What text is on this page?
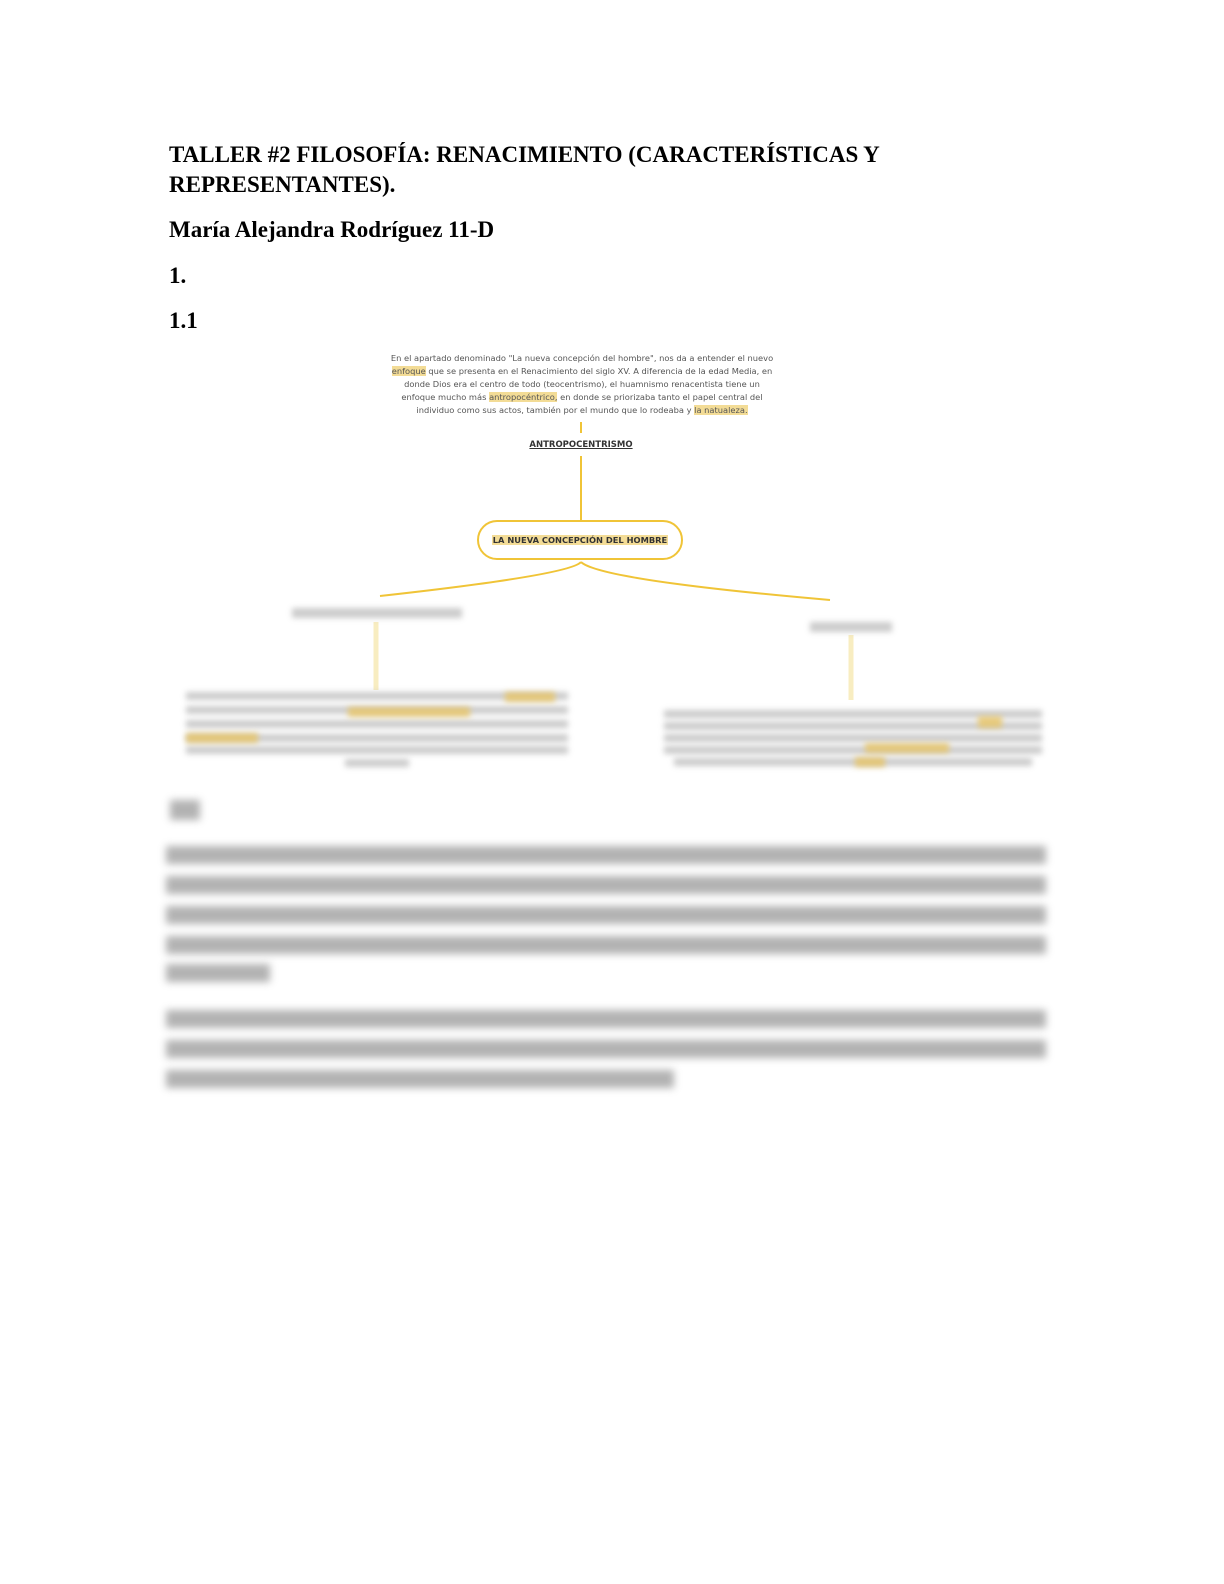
TALLER #2 FILOSOFÍA: RENACIMIENTO (CARACTERÍSTICAS Y
REPRESENTANTES).
María Alejandra Rodríguez 11-D
1.
1.1
En el apartado denominado "La nueva concepción del hombre", nos da a entender el nuevo enfoque que se presenta en el Renacimiento del siglo XV. A diferencia de la edad Media, en donde Dios era el centro de todo (teocentrismo), el huamnismo renacentista tiene un enfoque mucho más antropocéntrico, en donde se priorizaba tanto el papel central del individuo como sus actos, también por el mundo que lo rodeaba y la natualeza.
ANTROPOCENTRISMO
LA NUEVA CONCEPCIÓN DEL HOMBRE
